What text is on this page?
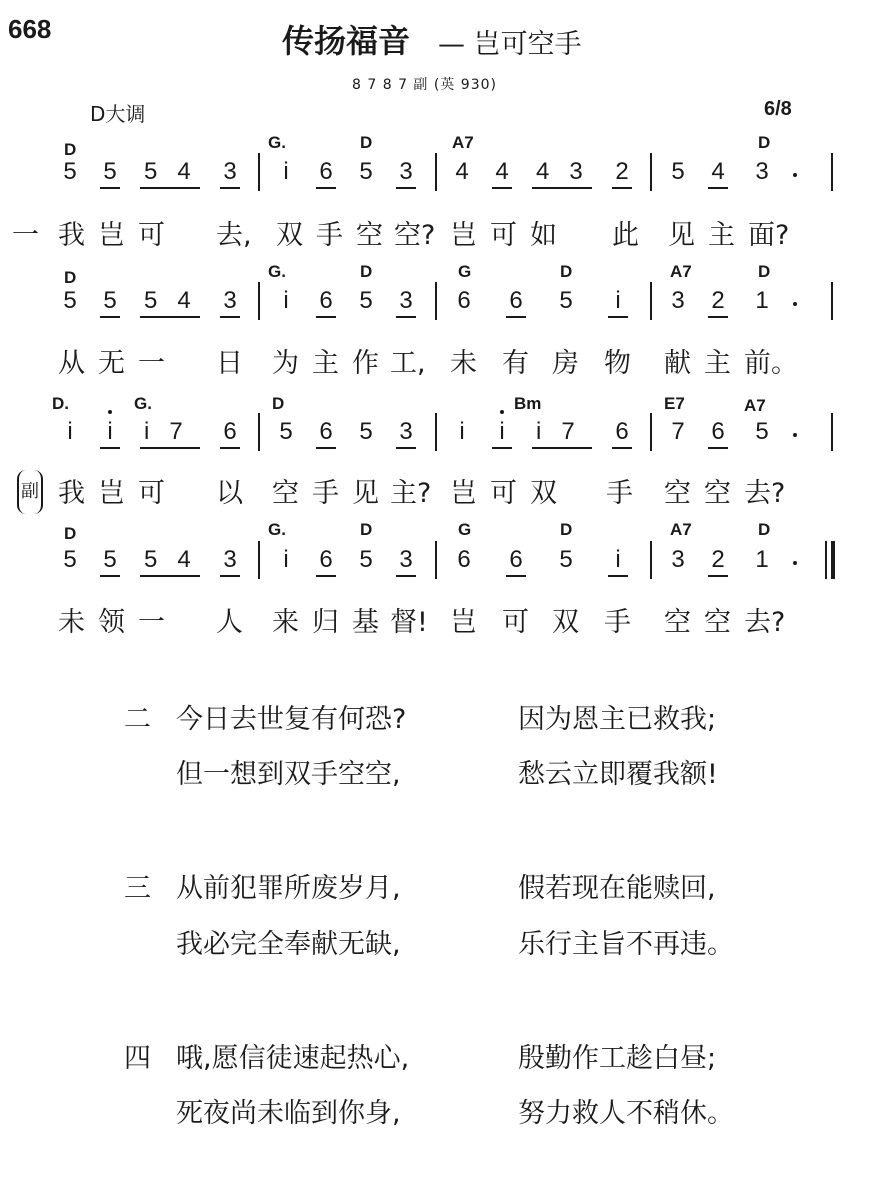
668	传扬福音 — 岂可空手
8 7 8 7 副 (英 930)
D大调	6/8
D	G.	D	A7	D
5 5 5 4	3	i	6 5 3 4 4 4 3	2 5 4 3
一 我 岂 可 去, 双 手 空 空? 岂 可 如 此 见 主 面?
D	G.	D	G	D	A7	D
5 5 5 4	3	i	6 5 3 6 6 5	i	3 2 1
从 无 一 日 为 主 作 工, 未 有 房 物 献 主 前。
D.	G.	D	Bm	E7	A7
i	i	i 7	6 5 6 5 3	i	i	i 7	6 7 6 5
副 我 岂 可 以 空 手 见 主? 岂 可 双 手 空 空 去?
D	G.	D	G	D	A7	D
5 5 5 4	3	i	6 5 3 6 6 5	i	3 2 1
未 领 一 人 来 归 基 督! 岂 可 双 手 空 空 去?
二 今日去世复有何恐?	因为恩主已救我;
但一想到双手空空,	愁云立即覆我额!
三 从前犯罪所废岁月,	假若现在能赎回,
我必完全奉献无缺,	乐行主旨不再违。
四 哦,愿信徒速起热心,	殷勤作工趁白昼;
死夜尚未临到你身,	努力救人不稍休。
